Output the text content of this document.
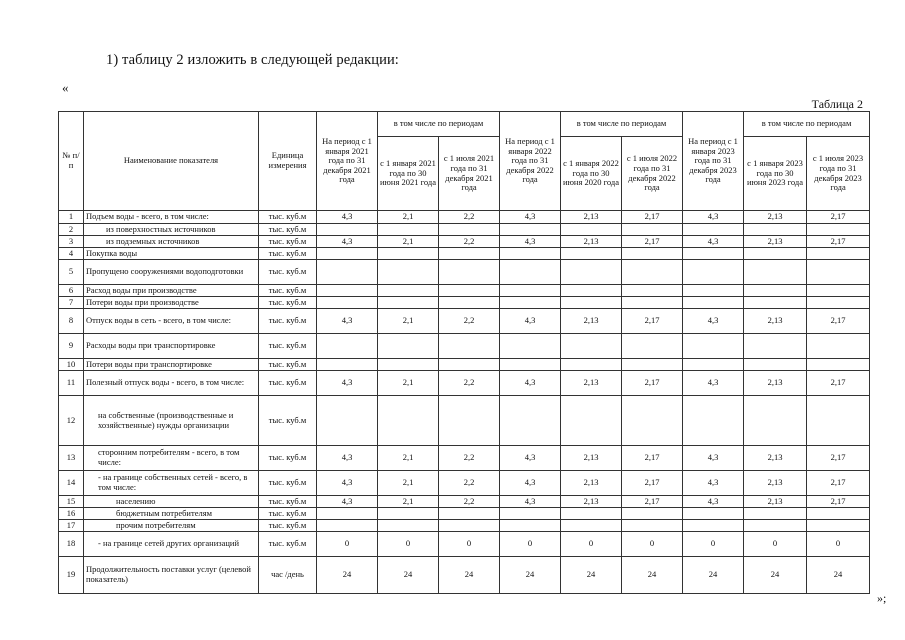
1) таблицу 2 изложить в следующей редакции:
«
Таблица 2
№ п/п	Наименование показателя	Единица измерения	На период с 1 января 2021 года по 31 декабря 2021 года	в том числе по периодам		На период с 1 января 2022 года по 31 декабря 2022 года	в том числе по периодам		На период с 1 января 2023 года по 31 декабря 2023 года	в том числе по периодам	
				с 1 января 2021 года по 30 июня 2021 года	с 1 июля 2021 года по 31 декабря 2021 года		с 1 января 2022 года по 30 июня 2020 года	с 1 июля 2022 года по 31 декабря 2022 года		с 1 января 2023 года по 30 июня 2023 года	с 1 июля 2023 года по 31 декабря 2023 года
1	Подъем воды - всего, в том числе:	тыс. куб.м	4,3	2,1	2,2	4,3	2,13	2,17	4,3	2,13	2,17
2	из поверхностных источников	тыс. куб.м									
3	из подземных источников	тыс. куб.м	4,3	2,1	2,2	4,3	2,13	2,17	4,3	2,13	2,17
4	Покупка воды	тыс. куб.м									
5	Пропущено сооружениями водоподготовки	тыс. куб.м									
6	Расход воды при производстве	тыс. куб.м									
7	Потери воды при производстве	тыс. куб.м									
8	Отпуск воды в сеть - всего, в том числе:	тыс. куб.м	4,3	2,1	2,2	4,3	2,13	2,17	4,3	2,13	2,17
9	Расходы воды при транспортировке	тыс. куб.м									
10	Потери воды при транспортировке	тыс. куб.м									
11	Полезный отпуск воды - всего, в том числе:	тыс. куб.м	4,3	2,1	2,2	4,3	2,13	2,17	4,3	2,13	2,17
12	на собственные (производственные и хозяйственные) нужды организации	тыс. куб.м									
13	сторонним потребителям - всего, в том числе:	тыс. куб.м	4,3	2,1	2,2	4,3	2,13	2,17	4,3	2,13	2,17
14	- на границе собственных сетей - всего, в том числе:	тыс. куб.м	4,3	2,1	2,2	4,3	2,13	2,17	4,3	2,13	2,17
15	населению	тыс. куб.м	4,3	2,1	2,2	4,3	2,13	2,17	4,3	2,13	2,17
16	бюджетным потребителям	тыс. куб.м									
17	прочим потребителям	тыс. куб.м									
18	- на границе сетей других организаций	тыс. куб.м	0	0	0	0	0	0	0	0	0
19	Продолжительность поставки услуг (целевой показатель)	час /день	24	24	24	24	24	24	24	24	24
»;
